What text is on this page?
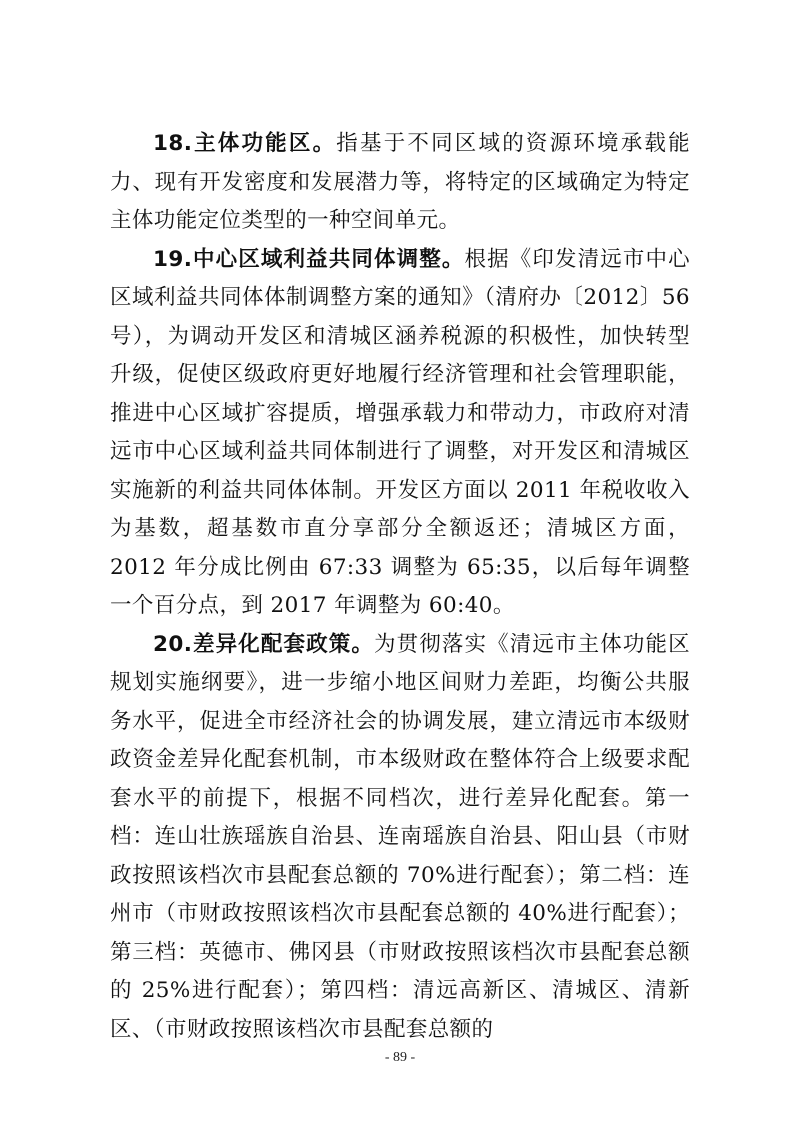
18.主体功能区。指基于不同区域的资源环境承载能力、现有开发密度和发展潜力等，将特定的区域确定为特定主体功能定位类型的一种空间单元。

19.中心区域利益共同体调整。根据《印发清远市中心区域利益共同体体制调整方案的通知》（清府办〔2012〕56号），为调动开发区和清城区涵养税源的积极性，加快转型升级，促使区级政府更好地履行经济管理和社会管理职能，推进中心区域扩容提质，增强承载力和带动力，市政府对清远市中心区域利益共同体制进行了调整，对开发区和清城区实施新的利益共同体体制。开发区方面以 2011 年税收收入为基数，超基数市直分享部分全额返还；清城区方面，2012 年分成比例由 67:33 调整为 65:35，以后每年调整一个百分点，到 2017 年调整为 60:40。

20.差异化配套政策。为贯彻落实《清远市主体功能区规划实施纲要》，进一步缩小地区间财力差距，均衡公共服务水平，促进全市经济社会的协调发展，建立清远市本级财政资金差异化配套机制，市本级财政在整体符合上级要求配套水平的前提下，根据不同档次，进行差异化配套。第一档：连山壮族瑶族自治县、连南瑶族自治县、阳山县（市财政按照该档次市县配套总额的 70%进行配套）；第二档：连州市（市财政按照该档次市县配套总额的 40%进行配套）；第三档：英德市、佛冈县（市财政按照该档次市县配套总额的 25%进行配套）；第四档：清远高新区、清城区、清新区、（市财政按照该档次市县配套总额的

- 89 -
